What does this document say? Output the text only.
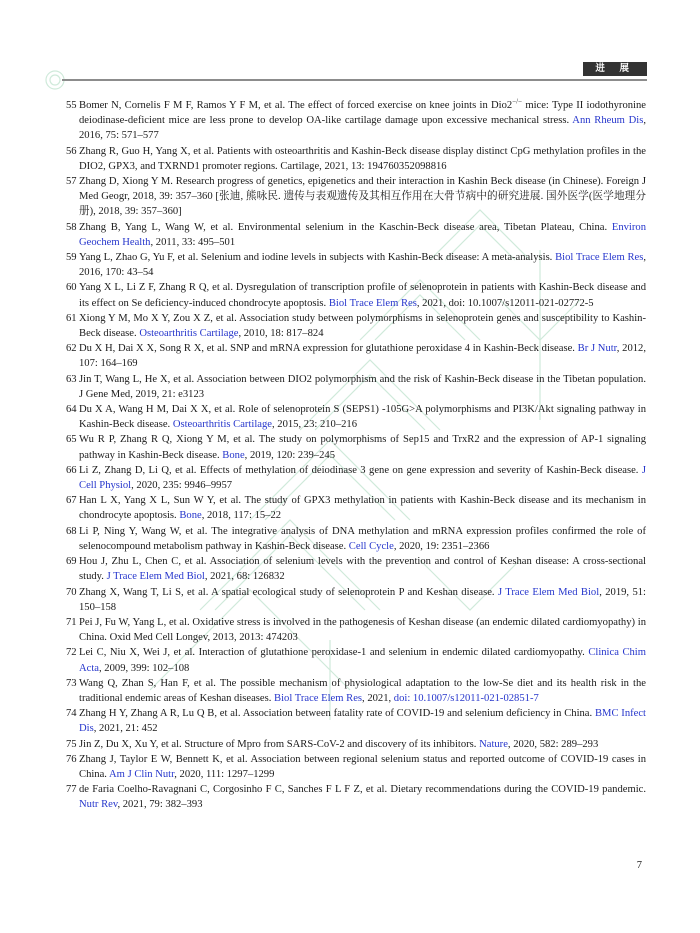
进 展
55 Bomer N, Cornelis F M F, Ramos Y F M, et al. The effect of forced exercise on knee joints in Dio2−/− mice: Type II iodothyronine deiodinase-deficient mice are less prone to develop OA-like cartilage damage upon excessive mechanical stress. Ann Rheum Dis, 2016, 75: 571–577
56 Zhang R, Guo H, Yang X, et al. Patients with osteoarthritis and Kashin-Beck disease display distinct CpG methylation profiles in the DIO2, GPX3, and TXRND1 promoter regions. Cartilage, 2021, 13: 194760352098816
57 Zhang D, Xiong Y M. Research progress of genetics, epigenetics and their interaction in Kashin Beck disease (in Chinese). Foreign J Med Geogr, 2018, 39: 357–360 [张迪, 熊咏民. 遗传与表观遗传及其相互作用在大骨节病中的研究进展. 国外医学(医学地理分册), 2018, 39: 357–360]
58 Zhang B, Yang L, Wang W, et al. Environmental selenium in the Kaschin-Beck disease area, Tibetan Plateau, China. Environ Geochem Health, 2011, 33: 495–501
59 Yang L, Zhao G, Yu F, et al. Selenium and iodine levels in subjects with Kashin-Beck disease: A meta-analysis. Biol Trace Elem Res, 2016, 170: 43–54
60 Yang X L, Li Z F, Zhang R Q, et al. Dysregulation of transcription profile of selenoprotein in patients with Kashin-Beck disease and its effect on Se deficiency-induced chondrocyte apoptosis. Biol Trace Elem Res, 2021, doi: 10.1007/s12011-021-02772-5
61 Xiong Y M, Mo X Y, Zou X Z, et al. Association study between polymorphisms in selenoprotein genes and susceptibility to Kashin-Beck disease. Osteoarthritis Cartilage, 2010, 18: 817–824
62 Du X H, Dai X X, Song R X, et al. SNP and mRNA expression for glutathione peroxidase 4 in Kashin-Beck disease. Br J Nutr, 2012, 107: 164–169
63 Jin T, Wang L, He X, et al. Association between DIO2 polymorphism and the risk of Kashin-Beck disease in the Tibetan population. J Gene Med, 2019, 21: e3123
64 Du X A, Wang H M, Dai X X, et al. Role of selenoprotein S (SEPS1) -105G>A polymorphisms and PI3K/Akt signaling pathway in Kashin-Beck disease. Osteoarthritis Cartilage, 2015, 23: 210–216
65 Wu R P, Zhang R Q, Xiong Y M, et al. The study on polymorphisms of Sep15 and TrxR2 and the expression of AP-1 signaling pathway in Kashin-Beck disease. Bone, 2019, 120: 239–245
66 Li Z, Zhang D, Li Q, et al. Effects of methylation of deiodinase 3 gene on gene expression and severity of Kashin-Beck disease. J Cell Physiol, 2020, 235: 9946–9957
67 Han L X, Yang X L, Sun W Y, et al. The study of GPX3 methylation in patients with Kashin-Beck disease and its mechanism in chondrocyte apoptosis. Bone, 2018, 117: 15–22
68 Li P, Ning Y, Wang W, et al. The integrative analysis of DNA methylation and mRNA expression profiles confirmed the role of selenocompound metabolism pathway in Kashin-Beck disease. Cell Cycle, 2020, 19: 2351–2366
69 Hou J, Zhu L, Chen C, et al. Association of selenium levels with the prevention and control of Keshan disease: A cross-sectional study. J Trace Elem Med Biol, 2021, 68: 126832
70 Zhang X, Wang T, Li S, et al. A spatial ecological study of selenoprotein P and Keshan disease. J Trace Elem Med Biol, 2019, 51: 150–158
71 Pei J, Fu W, Yang L, et al. Oxidative stress is involved in the pathogenesis of Keshan disease (an endemic dilated cardiomyopathy) in China. Oxid Med Cell Longev, 2013, 2013: 474203
72 Lei C, Niu X, Wei J, et al. Interaction of glutathione peroxidase-1 and selenium in endemic dilated cardiomyopathy. Clinica Chim Acta, 2009, 399: 102–108
73 Wang Q, Zhan S, Han F, et al. The possible mechanism of physiological adaptation to the low-Se diet and its health risk in the traditional endemic areas of Keshan diseases. Biol Trace Elem Res, 2021, doi: 10.1007/s12011-021-02851-7
74 Zhang H Y, Zhang A R, Lu Q B, et al. Association between fatality rate of COVID-19 and selenium deficiency in China. BMC Infect Dis, 2021, 21: 452
75 Jin Z, Du X, Xu Y, et al. Structure of Mpro from SARS-CoV-2 and discovery of its inhibitors. Nature, 2020, 582: 289–293
76 Zhang J, Taylor E W, Bennett K, et al. Association between regional selenium status and reported outcome of COVID-19 cases in China. Am J Clin Nutr, 2020, 111: 1297–1299
77 de Faria Coelho-Ravagnani C, Corgosinho F C, Sanches F L F Z, et al. Dietary recommendations during the COVID-19 pandemic. Nutr Rev, 2021, 79: 382–393
7
